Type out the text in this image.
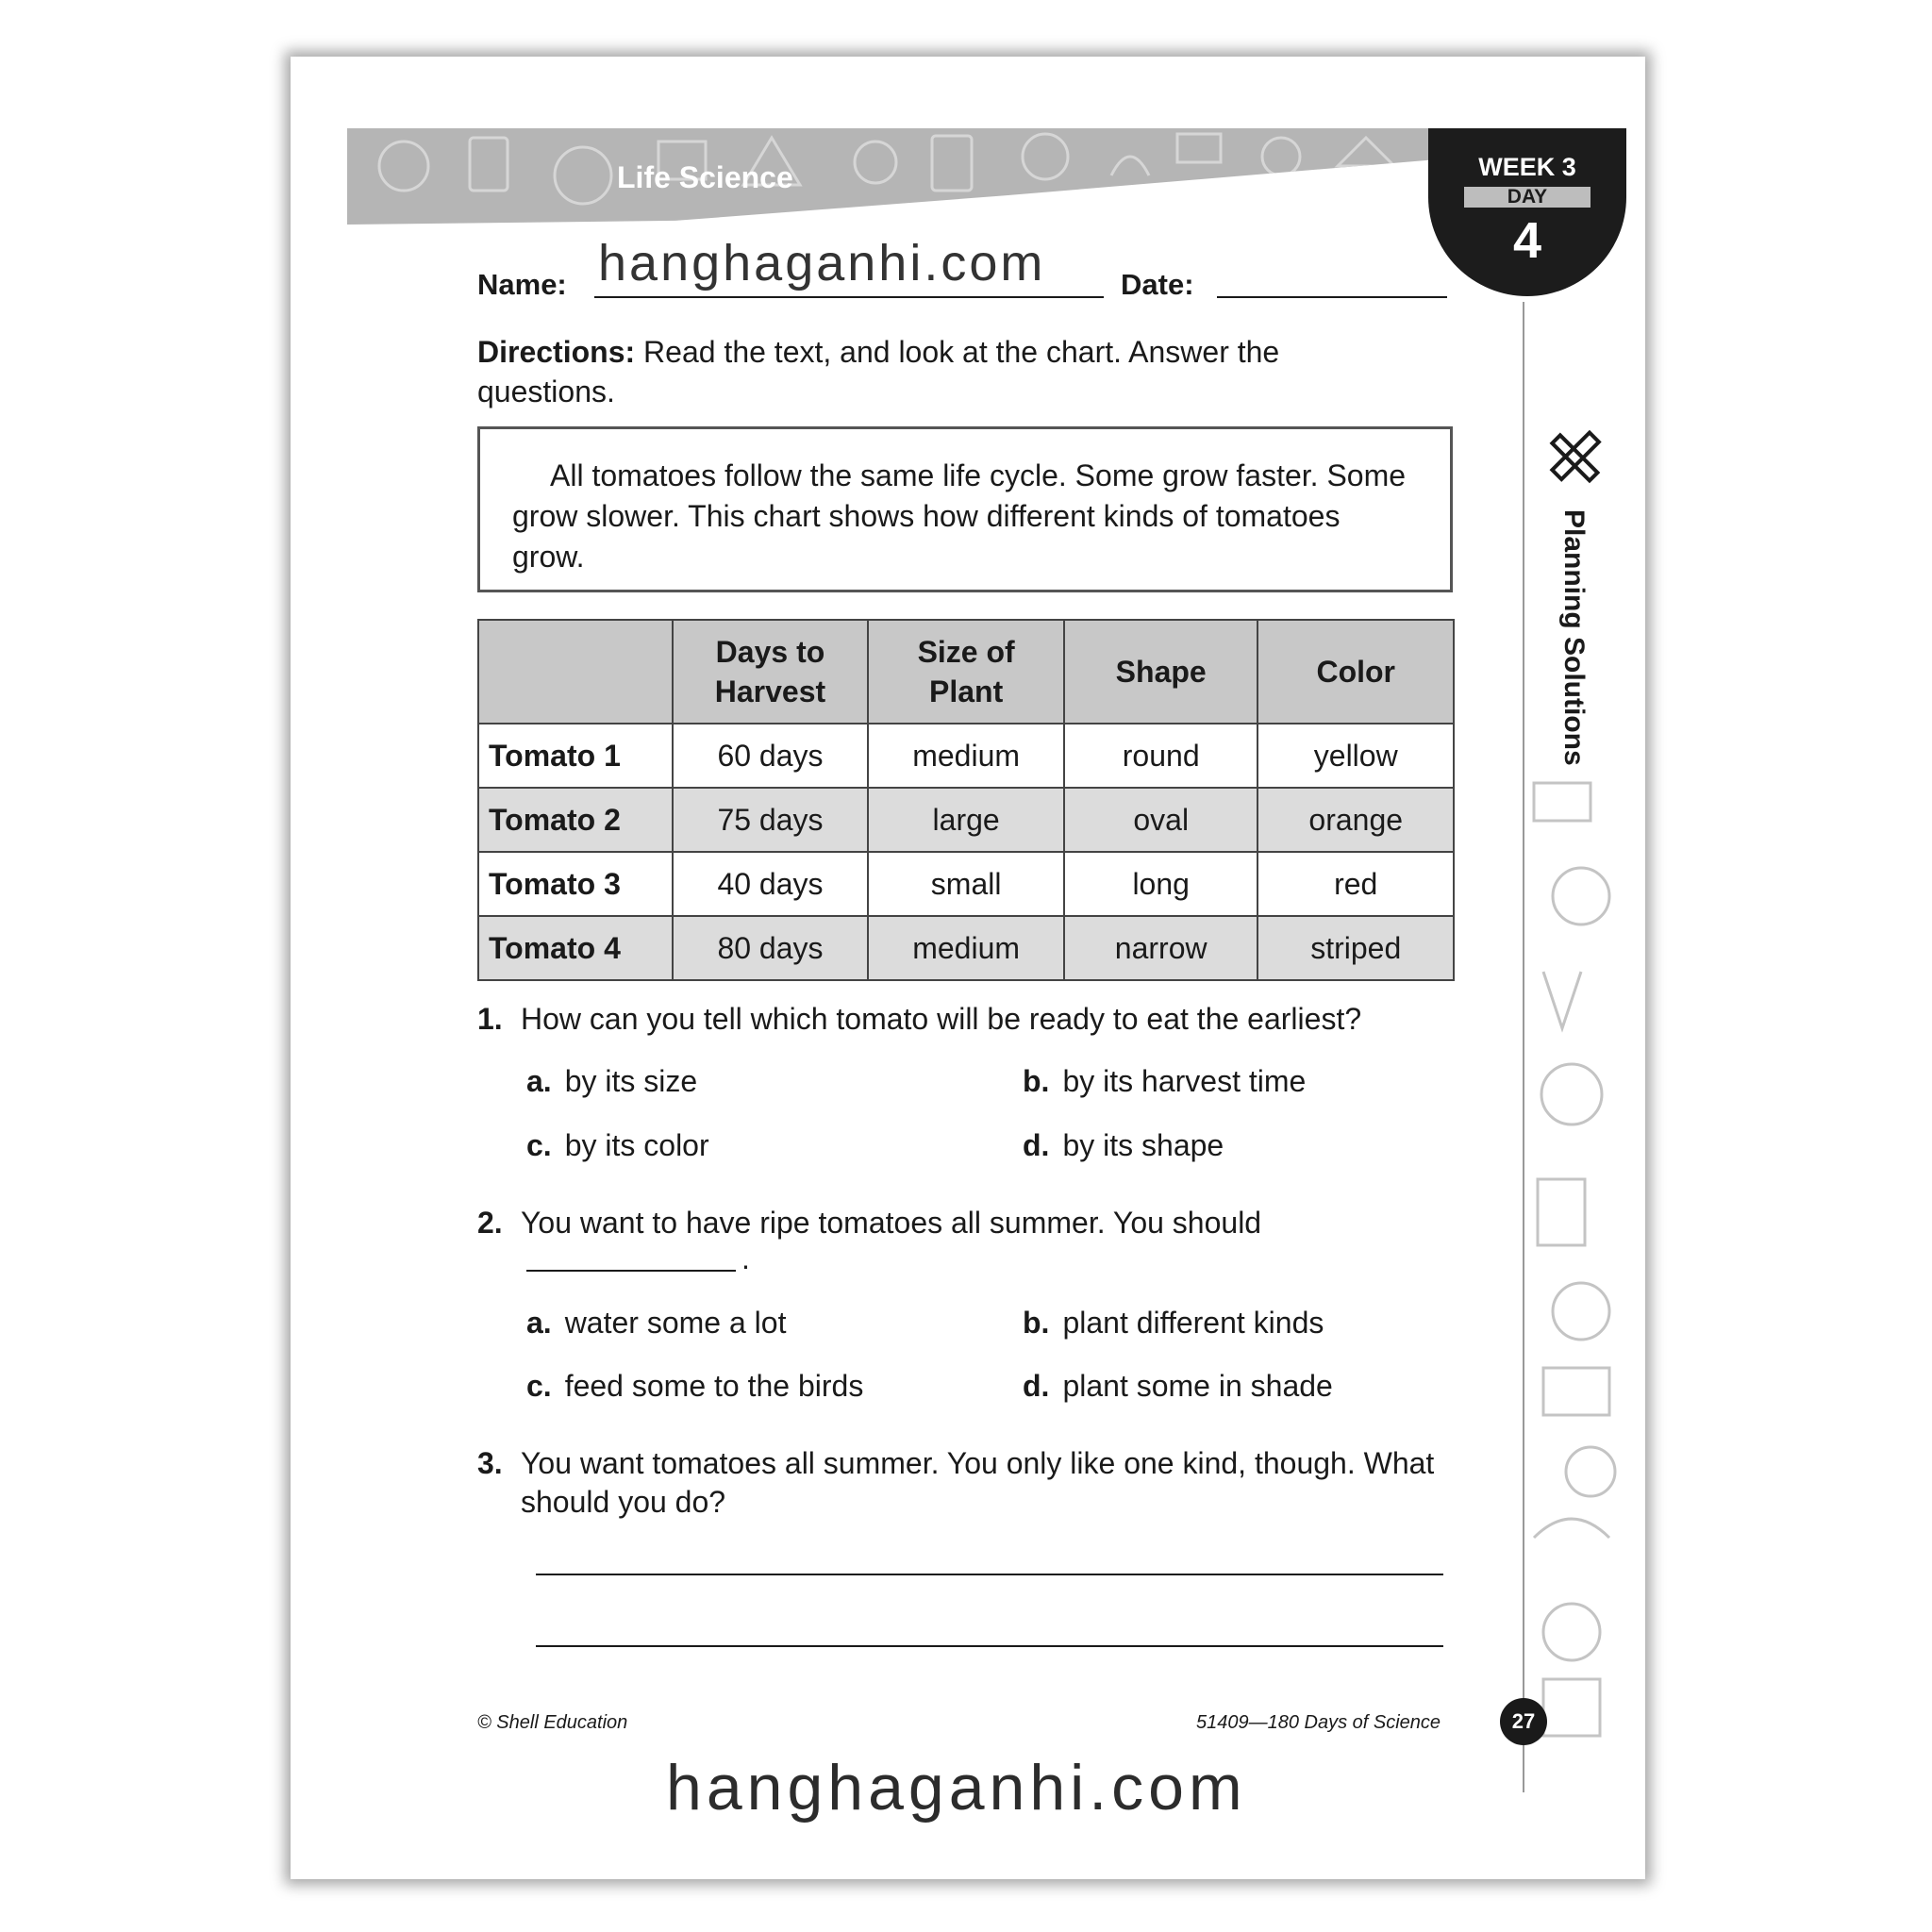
Life Science	WEEK 3
DAY
4
Planning Solutions
Name:	Date:
hanghaganhi.com
Directions: Read the text, and look at the chart. Answer the questions.
All tomatoes follow the same life cycle. Some grow faster. Some grow slower. This chart shows how different kinds of tomatoes grow.

	Days to Harvest	Size of Plant	Shape	Color
Tomato 1	60 days	medium	round	yellow
Tomato 2	75 days	large	oval	orange
Tomato 3	40 days	small	long	red
Tomato 4	80 days	medium	narrow	striped
1. How can you tell which tomato will be ready to eat the earliest?
a. by its size	b. by its harvest time
c. by its color	d. by its shape
2. You want to have ripe tomatoes all summer. You should
.
a. water some a lot	b. plant different kinds
c. feed some to the birds	d. plant some in shade
3. You want tomatoes all summer. You only like one kind, though. What should you do?
© Shell Education	51409—180 Days of Science	27
hanghaganhi.com
